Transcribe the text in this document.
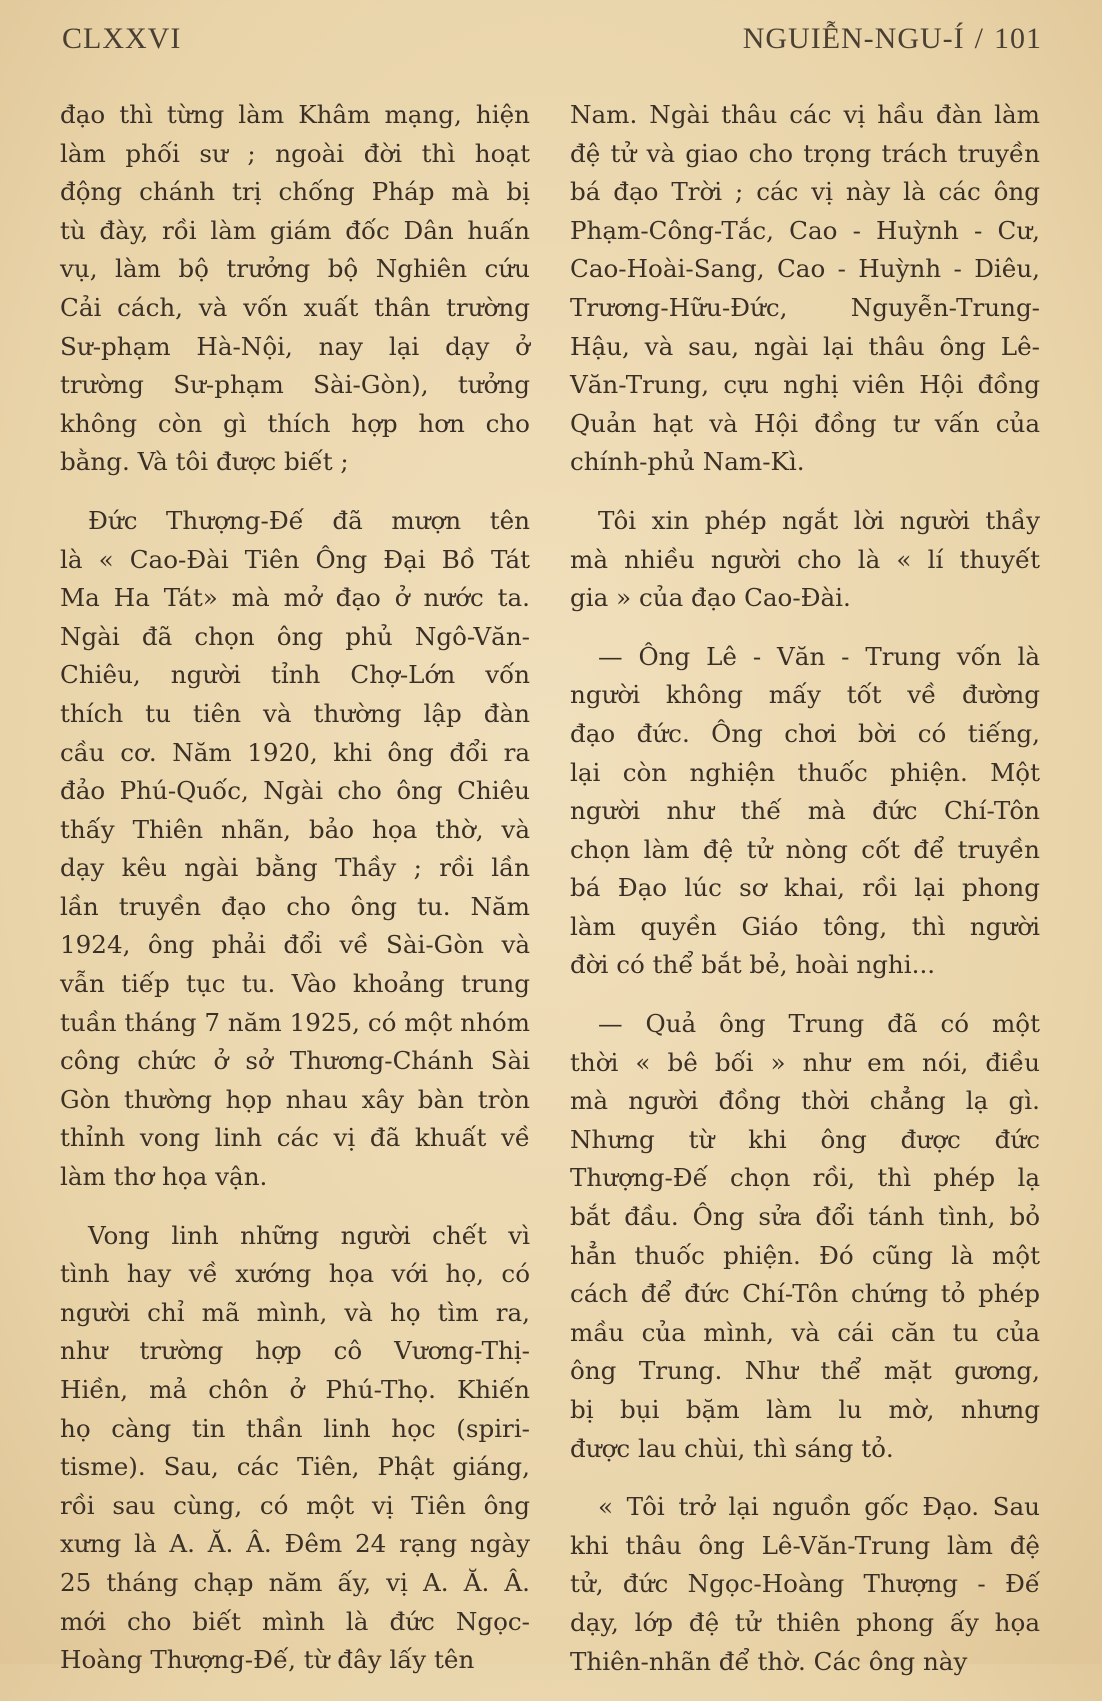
CLXXVI	NGUIỄN-NGU-Í / 101
đạo thì từng làm Khâm mạng, hiện
làm phối sư ; ngoài đời thì hoạt
động chánh trị chống Pháp mà bị
tù đày, rồi làm giám đốc Dân huấn
vụ, làm bộ trưởng bộ Nghiên cứu
Cải cách, và vốn xuất thân trường
Sư-phạm Hà-Nội, nay lại dạy ở
trường Sư-phạm Sài-Gòn), tưởng
không còn gì thích hợp hơn cho
bằng. Và tôi được biết ;
Đức Thượng-Đế đã mượn tên
là « Cao-Đài Tiên Ông Đại Bồ Tát
Ma Ha Tát» mà mở đạo ở nước ta.
Ngài đã chọn ông phủ Ngô-Văn-
Chiêu, người tỉnh Chợ-Lớn vốn
thích tu tiên và thường lập đàn
cầu cơ. Năm 1920, khi ông đổi ra
đảo Phú-Quốc, Ngài cho ông Chiêu
thấy Thiên nhãn, bảo họa thờ, và
dạy kêu ngài bằng Thầy ; rồi lần
lần truyền đạo cho ông tu. Năm
1924, ông phải đổi về Sài-Gòn và
vẫn tiếp tục tu. Vào khoảng trung
tuần tháng 7 năm 1925, có một nhóm
công chức ở sở Thương-Chánh Sài
Gòn thường họp nhau xây bàn tròn
thỉnh vong linh các vị đã khuất về
làm thơ họa vận.
Vong linh những người chết vì
tình hay về xướng họa với họ, có
người chỉ mã mình, và họ tìm ra,
như trường hợp cô Vương-Thị-
Hiền, mả chôn ở Phú-Thọ. Khiến
họ càng tin thần linh học (spiri-
tisme). Sau, các Tiên, Phật giáng,
rồi sau cùng, có một vị Tiên ông
xưng là A. Ă. Â. Đêm 24 rạng ngày
25 tháng chạp năm ấy, vị A. Ă. Â.
mới cho biết mình là đức Ngọc-
Hoàng Thượng-Đế, từ đây lấy tên
Nam. Ngài thâu các vị hầu đàn làm
đệ tử và giao cho trọng trách truyền
bá đạo Trời ; các vị này là các ông
Phạm-Công-Tắc, Cao - Huỳnh - Cư,
Cao-Hoài-Sang, Cao - Huỳnh - Diêu,
Trương-Hữu-Đức, Nguyễn-Trung-
Hậu, và sau, ngài lại thâu ông Lê-
Văn-Trung, cựu nghị viên Hội đồng
Quản hạt và Hội đồng tư vấn của
chính-phủ Nam-Kì.
Tôi xin phép ngắt lời người thầy
mà nhiều người cho là « lí thuyết
gia » của đạo Cao-Đài.
— Ông Lê - Văn - Trung vốn là
người không mấy tốt về đường
đạo đức. Ông chơi bời có tiếng,
lại còn nghiện thuốc phiện. Một
người như thế mà đức Chí-Tôn
chọn làm đệ tử nòng cốt để truyền
bá Đạo lúc sơ khai, rồi lại phong
làm quyền Giáo tông, thì người
đời có thể bắt bẻ, hoài nghi...
— Quả ông Trung đã có một
thời « bê bối » như em nói, điều
mà người đồng thời chẳng lạ gì.
Nhưng từ khi ông được đức
Thượng-Đế chọn rồi, thì phép lạ
bắt đầu. Ông sửa đổi tánh tình, bỏ
hẳn thuốc phiện. Đó cũng là một
cách để đức Chí-Tôn chứng tỏ phép
mầu của mình, và cái căn tu của
ông Trung. Như thể mặt gương,
bị bụi bặm làm lu mờ, nhưng
được lau chùi, thì sáng tỏ.
« Tôi trở lại nguồn gốc Đạo. Sau
khi thâu ông Lê-Văn-Trung làm đệ
tử, đức Ngọc-Hoàng Thượng - Đế
dạy, lớp đệ tử thiên phong ấy họa
Thiên-nhãn để thờ. Các ông này
